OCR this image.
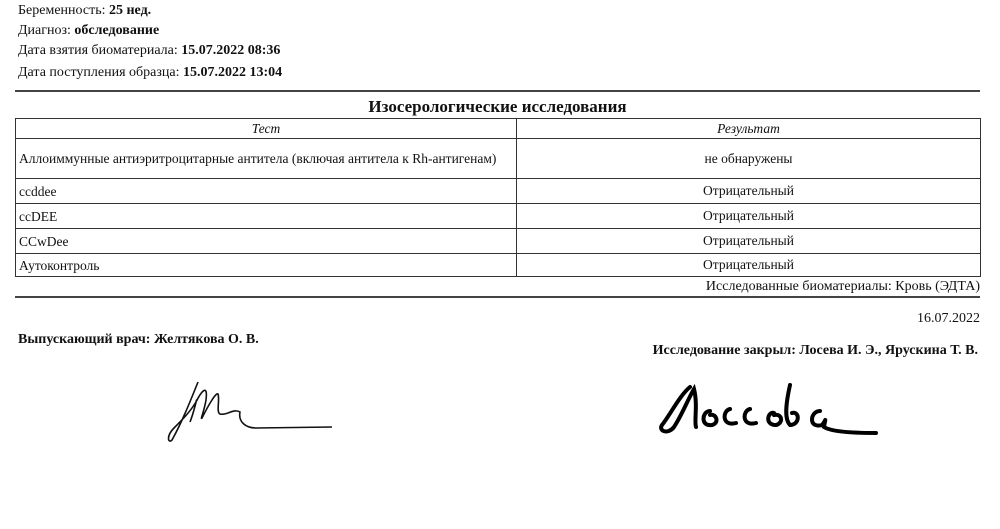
Беременность: 25 нед.
Диагноз: обследование
Дата взятия биоматериала: 15.07.2022 08:36
Дата поступления образца: 15.07.2022 13:04
Изосерологические исследования
Тест	Результат
Аллоиммунные антиэритроцитарные антитела (включая антитела к Rh-антигенам)	не обнаружены
ccddee	Отрицательный
ccDEE	Отрицательный
CCwDee	Отрицательный
Аутоконтроль	Отрицательный
Исследованные биоматериалы: Кровь (ЭДТА)
16.07.2022
Выпускающий врач: Желтякова О. В.
Исследование закрыл: Лосева И. Э., Ярускина Т. В.
